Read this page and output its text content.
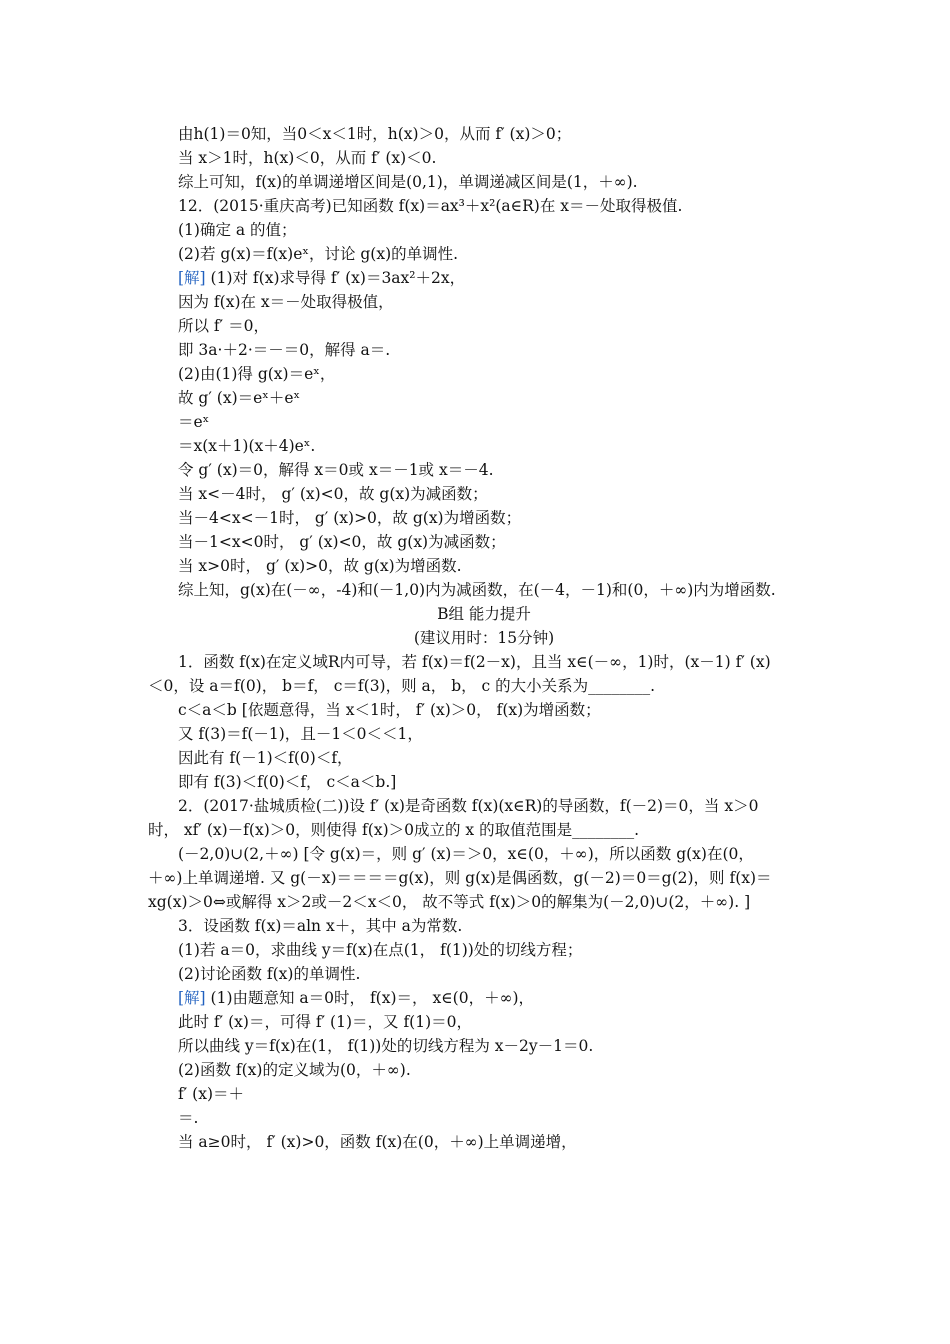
由h(1)＝0知，当0＜x＜1时，h(x)＞0，从而 f′ (x)＞0；
当 x＞1时，h(x)＜0，从而 f′ (x)＜0.
综上可知，f(x)的单调递增区间是(0,1)，单调递减区间是(1，＋∞).
12．(2015·重庆高考)已知函数 f(x)＝ax³＋x²(a∈R)在 x＝－处取得极值.
(1)确定 a 的值；
(2)若 g(x)＝f(x)eˣ，讨论 g(x)的单调性.
[解] (1)对 f(x)求导得 f′ (x)＝3ax²＋2x，
因为 f(x)在 x＝－处取得极值，
所以 f′ ＝0，
即 3a·＋2·＝－＝0，解得 a＝.
(2)由(1)得 g(x)＝eˣ，
故 g′ (x)＝eˣ＋eˣ
＝eˣ
＝x(x＋1)(x＋4)eˣ.
令 g′ (x)＝0，解得 x＝0或 x＝－1或 x＝－4.
当 x<－4时， g′ (x)<0，故 g(x)为减函数；
当－4<x<－1时， g′ (x)>0，故 g(x)为增函数；
当－1<x<0时， g′ (x)<0，故 g(x)为减函数；
当 x>0时， g′ (x)>0，故 g(x)为增函数.
综上知，g(x)在(－∞，-4)和(－1,0)内为减函数，在(－4，－1)和(0，＋∞)内为增函数.
B组 能力提升
(建议用时：15分钟)
1．函数 f(x)在定义域R内可导，若 f(x)＝f(2－x)，且当 x∈(－∞，1)时，(x－1) f′ (x)
＜0，设 a＝f(0)， b＝f， c＝f(3)，则 a， b， c 的大小关系为________.
c＜a＜b [依题意得，当 x＜1时， f′ (x)＞0， f(x)为增函数；
又 f(3)＝f(－1)，且－1＜0＜＜1，
因此有 f(－1)＜f(0)＜f，
即有 f(3)＜f(0)＜f， c＜a＜b.]
2．(2017·盐城质检(二))设 f′ (x)是奇函数 f(x)(x∈R)的导函数，f(－2)＝0，当 x＞0
时， xf′ (x)－f(x)＞0，则使得 f(x)＞0成立的 x 的取值范围是________.
(－2,0)∪(2,＋∞) [令 g(x)＝，则 g′ (x)＝＞0，x∈(0，＋∞)，所以函数 g(x)在(0，
＋∞)上单调递增. 又 g(－x)＝＝＝＝g(x)，则 g(x)是偶函数，g(－2)＝0＝g(2)，则 f(x)＝
xg(x)＞0⇔或解得 x＞2或－2＜x＜0， 故不等式 f(x)＞0的解集为(－2,0)∪(2，＋∞). ]
3．设函数 f(x)＝aln x＋，其中 a为常数.
(1)若 a＝0，求曲线 y＝f(x)在点(1， f(1))处的切线方程；
(2)讨论函数 f(x)的单调性.
[解] (1)由题意知 a＝0时， f(x)＝， x∈(0，＋∞)，
此时 f′ (x)＝，可得 f′ (1)＝，又 f(1)＝0，
所以曲线 y＝f(x)在(1， f(1))处的切线方程为 x－2y－1＝0.
(2)函数 f(x)的定义域为(0，＋∞).
f′ (x)＝＋
＝.
当 a≥0时， f′ (x)>0，函数 f(x)在(0，＋∞)上单调递增，
